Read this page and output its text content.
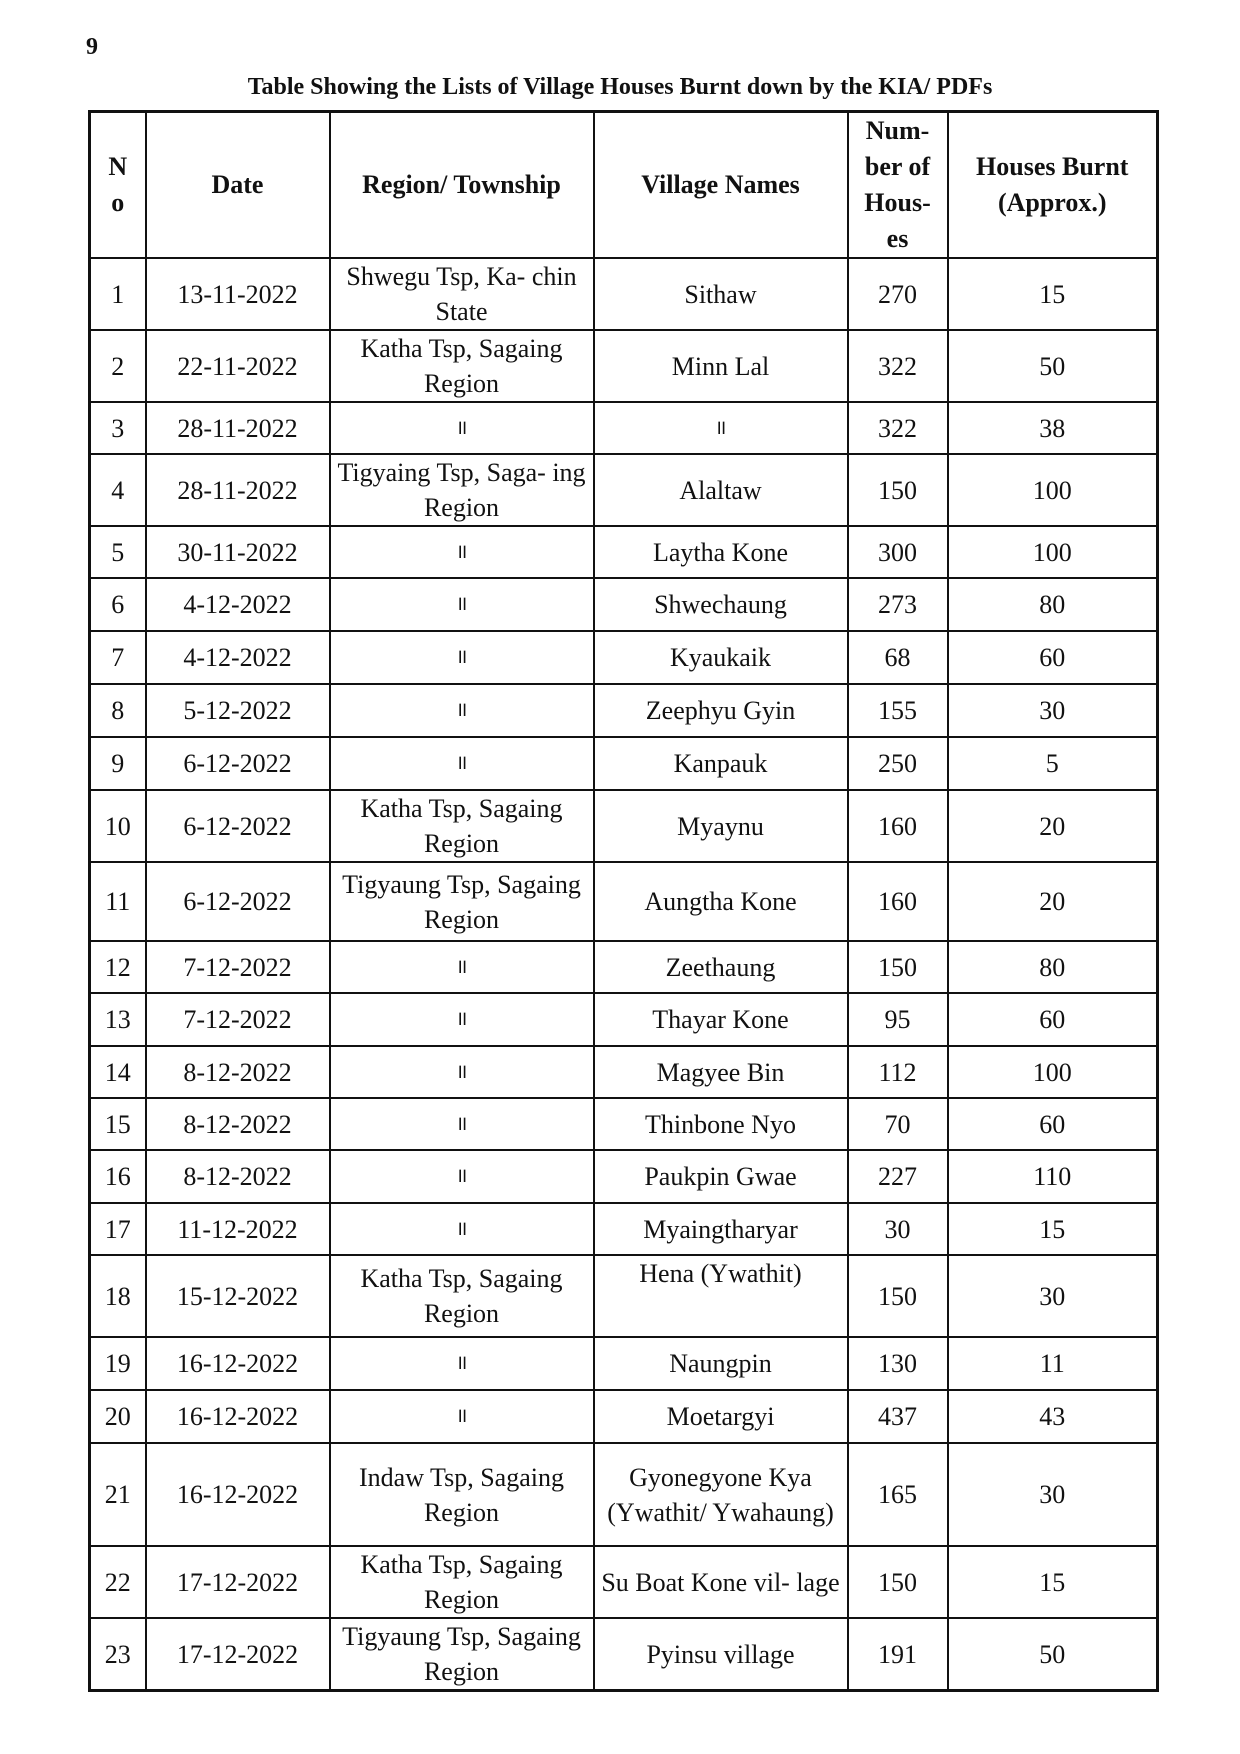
9
Table Showing the Lists of Village Houses Burnt down by the KIA/ PDFs
N o	Date	Region/ Township	Village Names	Num- ber of Hous- es	Houses Burnt (Approx.)
1	13-11-2022	Shwegu Tsp, Ka- chin State	Sithaw	270	15
2	22-11-2022	Katha Tsp, Sagaing Region	Minn Lal	322	50
3	28-11-2022	॥	॥	322	38
4	28-11-2022	Tigyaing Tsp, Saga- ing Region	Alaltaw	150	100
5	30-11-2022	॥	Laytha Kone	300	100
6	4-12-2022	॥	Shwechaung	273	80
7	4-12-2022	॥	Kyaukaik	68	60
8	5-12-2022	॥	Zeephyu Gyin	155	30
9	6-12-2022	॥	Kanpauk	250	5
10	6-12-2022	Katha Tsp, Sagaing Region	Myaynu	160	20
11	6-12-2022	Tigyaung Tsp, Sagaing Region	Aungtha Kone	160	20
12	7-12-2022	॥	Zeethaung	150	80
13	7-12-2022	॥	Thayar Kone	95	60
14	8-12-2022	॥	Magyee Bin	112	100
15	8-12-2022	॥	Thinbone Nyo	70	60
16	8-12-2022	॥	Paukpin Gwae	227	110
17	11-12-2022	॥	Myaingtharyar	30	15
18	15-12-2022	Katha Tsp, Sagaing Region	Hena (Ywathit)	150	30
19	16-12-2022	॥	Naungpin	130	11
20	16-12-2022	॥	Moetargyi	437	43
21	16-12-2022	Indaw Tsp, Sagaing Region	Gyonegyone Kya (Ywathit/ Ywahaung)	165	30
22	17-12-2022	Katha Tsp, Sagaing Region	Su Boat Kone vil- lage	150	15
23	17-12-2022	Tigyaung Tsp, Sagaing Region	Pyinsu village	191	50
